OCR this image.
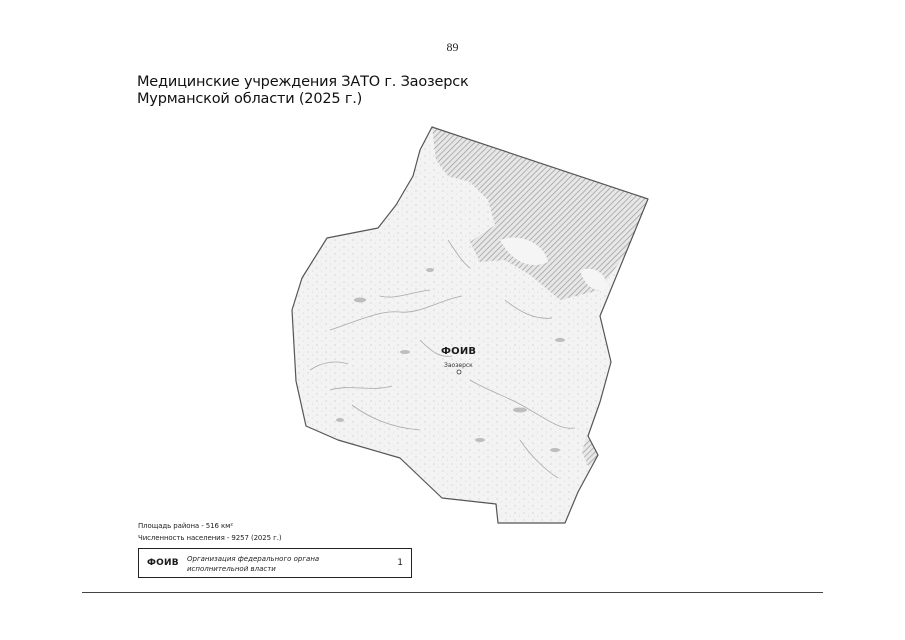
89
Медицинские учреждения ЗАТО г. Заозерск
Мурманской области (2025 г.)
ФОИВ
Заозерск
Площадь района - 516 км²
Численность населения - 9257 (2025 г.)
ФОИВ Организация федерального органа исполнительной власти
1
